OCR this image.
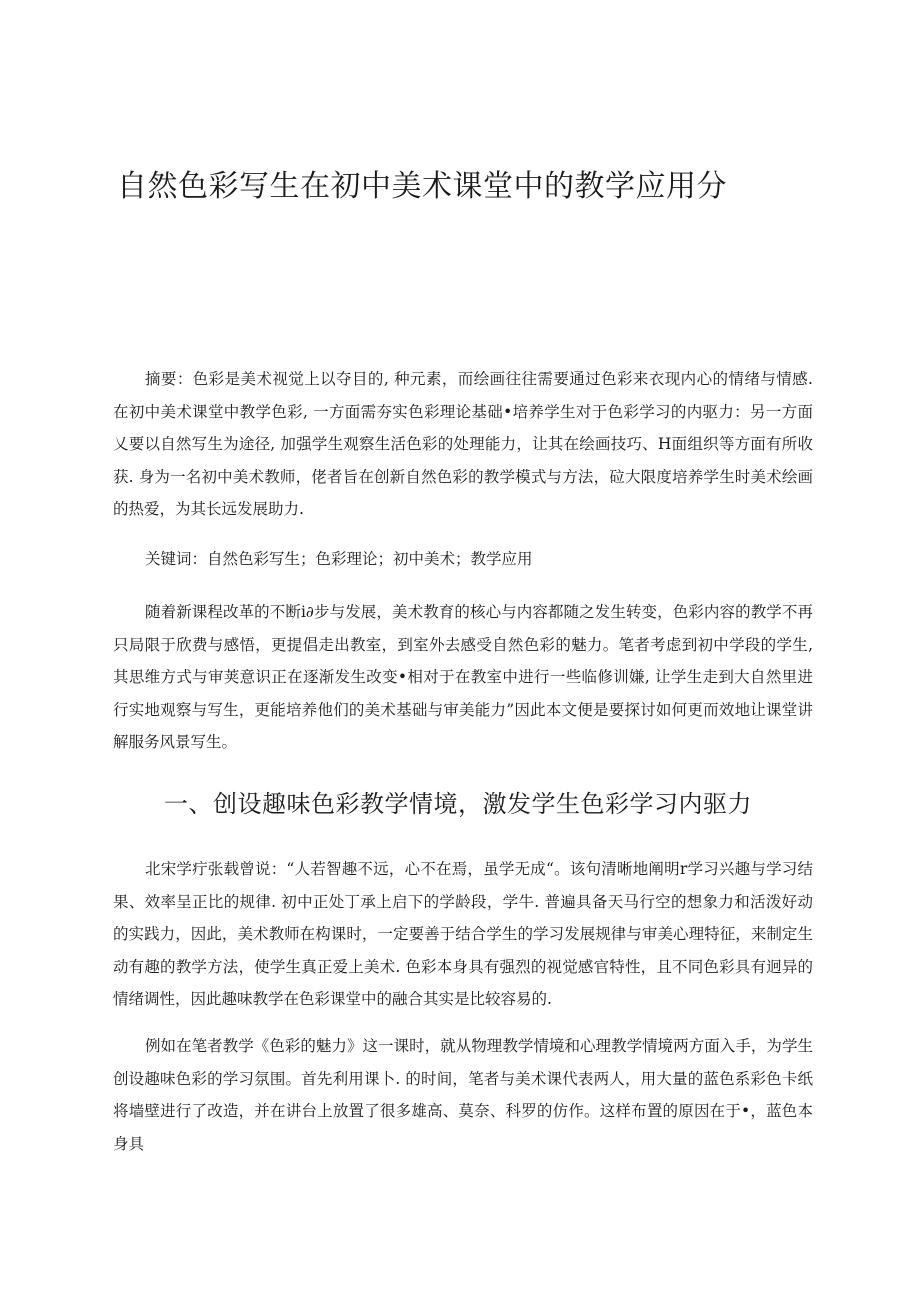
自然色彩写生在初中美术课堂中的教学应用分

摘要：色彩是美术视觉上以夺目的, 种元素，而绘画往往需要通过色彩来衣现内心的情绪与情感. 在初中美术课堂中教学色彩, 一方面需夯实色彩理论基础•培养学生对于色彩学习的内驱力：另一方面乂要以自然写生为途径, 加强学生观察生活色彩的处理能力，让其在绘画技巧、H面组织等方面有所收获. 身为一名初中美术教师，佬者旨在创新自然色彩的教学模式与方法，砬大限度培养学生时美术绘画的热爱，为其长远发展助力.

关键词：自然色彩写生；色彩理论；初中美术；教学应用

随着新课程改革的不断i∂步与发展，美术教育的核心与内容都随之发生转变，色彩内容的教学不再只局限于欣费与感悟，更提倡走出教室，到室外去感受自然色彩的魅力。笔者考虑到初中学段的学生, 其思维方式与审荚意识正在逐渐发生改变•相对于在教室中进行一些临修训嫌, 让学生走到大自然里进行实地观察与写生，更能培养他们的美术基础与审美能力”因此本文便是要探讨如何更而效地让课堂讲解服务风景写生。

一、创设趣味色彩教学情境，激发学生色彩学习内驱力

北宋学疔张载曾说：“人若智趣不远，心不在焉，虽学无成“。该句清晰地阐明r学习兴趣与学习结果、效率呈正比的规律. 初中正处丁承上启下的学龄段，学牛. 普遍具备天马行空的想象力和活泼好动的实践力，因此，美术教师在构课时，一定要善于结合学生的学习发展规律与审美心理特征，来制定生动有趣的教学方法，使学生真正爱上美术. 色彩本身具有强烈的视觉感官特性，且不同色彩具有迥异的情绪调性，因此趣味教学在色彩课堂中的融合其实是比较容易的.

例如在笔者教学《色彩的魅力》这一课时，就从物理教学情境和心理教学情境两方面入手，为学生创设趣味色彩的学习氛围。首先利用课卜. 的时间，笔者与美术课代表两人，用大量的蓝色系彩色卡纸将墙壁进行了改造，并在讲台上放置了很多雄高、莫奈、科罗的仿作。这样布置的原因在于•，蓝色本身具
